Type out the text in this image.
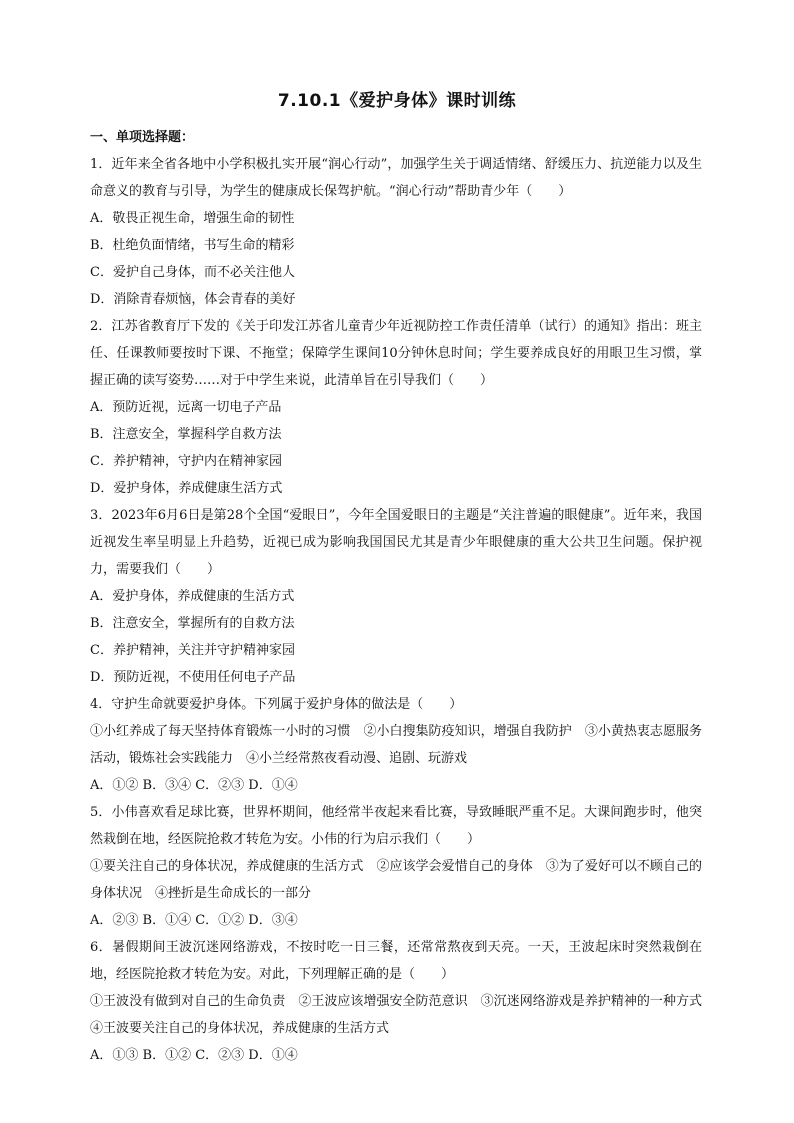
7.10.1《爱护身体》课时训练
一、单项选择题：
1．近年来全省各地中小学积极扎实开展“润心行动”，加强学生关于调适情绪、舒缓压力、抗逆能力以及生命意义的教育与引导，为学生的健康成长保驾护航。“润心行动”帮助青少年（　　）
A．敬畏正视生命，增强生命的韧性
B．杜绝负面情绪，书写生命的精彩
C．爱护自己身体，而不必关注他人
D．消除青春烦恼，体会青春的美好
2．江苏省教育厅下发的《关于印发江苏省儿童青少年近视防控工作责任清单（试行）的通知》指出：班主任、任课教师要按时下课、不拖堂；保障学生课间10分钟休息时间；学生要养成良好的用眼卫生习惯，掌握正确的读写姿势……对于中学生来说，此清单旨在引导我们（　　）
A．预防近视，远离一切电子产品
B．注意安全，掌握科学自救方法
C．养护精神，守护内在精神家园
D．爱护身体，养成健康生活方式
3．2023年6月6日是第28个全国“爱眼日”，今年全国爱眼日的主题是“关注普遍的眼健康”。近年来，我国近视发生率呈明显上升趋势，近视已成为影响我国国民尤其是青少年眼健康的重大公共卫生问题。保护视力，需要我们（　　）
A．爱护身体，养成健康的生活方式
B．注意安全，掌握所有的自救方法
C．养护精神，关注并守护精神家园
D．预防近视，不使用任何电子产品
4．守护生命就要爱护身体。下列属于爱护身体的做法是（　　）
①小红养成了每天坚持体育锻炼一小时的习惯　②小白搜集防疫知识，增强自我防护　③小黄热衷志愿服务活动，锻炼社会实践能力　④小兰经常熬夜看动漫、追剧、玩游戏
A．①② B．③④ C．②③ D．①④
5．小伟喜欢看足球比赛，世界杯期间，他经常半夜起来看比赛，导致睡眠严重不足。大课间跑步时，他突然栽倒在地，经医院抢救才转危为安。小伟的行为启示我们（　　）
①要关注自己的身体状况，养成健康的生活方式　②应该学会爱惜自己的身体　③为了爱好可以不顾自己的身体状况　④挫折是生命成长的一部分
A．②③ B．①④ C．①② D．③④
6．暑假期间王波沉迷网络游戏，不按时吃一日三餐，还常常熬夜到天亮。一天，王波起床时突然栽倒在地，经医院抢救才转危为安。对此，下列理解正确的是（　　）
①王波没有做到对自己的生命负责　②王波应该增强安全防范意识　③沉迷网络游戏是养护精神的一种方式　④王波要关注自己的身体状况，养成健康的生活方式
A．①③ B．①② C．②③ D．①④
